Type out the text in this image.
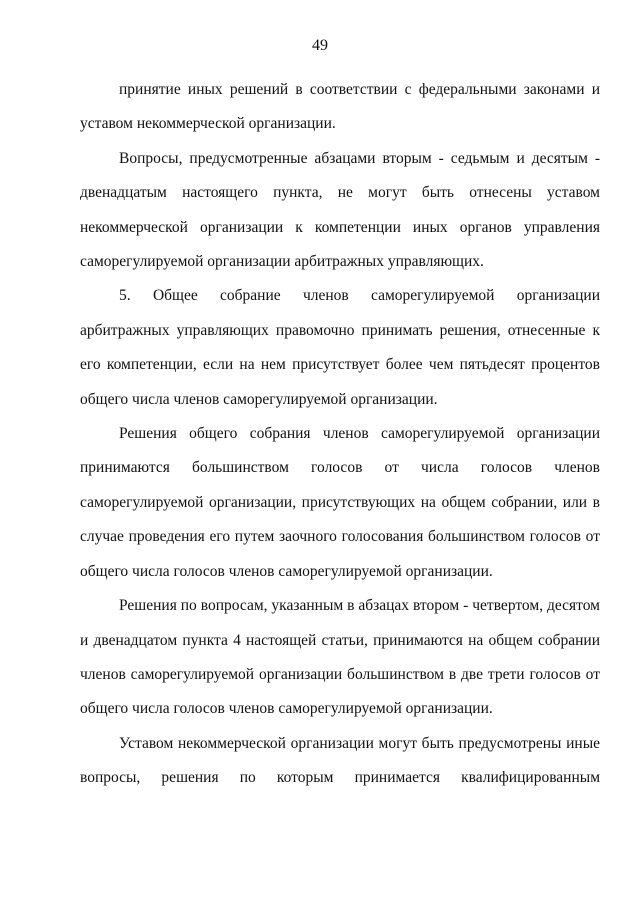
49

принятие иных решений в соответствии с федеральными законами и уставом некоммерческой организации.

Вопросы, предусмотренные абзацами вторым - седьмым и десятым - двенадцатым настоящего пункта, не могут быть отнесены уставом некоммерческой организации к компетенции иных органов управления саморегулируемой организации арбитражных управляющих.

5. Общее собрание членов саморегулируемой организации арбитражных управляющих правомочно принимать решения, отнесенные к его компетенции, если на нем присутствует более чем пятьдесят процентов общего числа членов саморегулируемой организации.

Решения общего собрания членов саморегулируемой организации принимаются большинством голосов от числа голосов членов саморегулируемой организации, присутствующих на общем собрании, или в случае проведения его путем заочного голосования большинством голосов от общего числа голосов членов саморегулируемой организации.

Решения по вопросам, указанным в абзацах втором - четвертом, десятом и двенадцатом пункта 4 настоящей статьи, принимаются на общем собрании членов саморегулируемой организации большинством в две трети голосов от общего числа голосов членов саморегулируемой организации.

Уставом некоммерческой организации могут быть предусмотрены иные вопросы, решения по которым принимается квалифицированным
